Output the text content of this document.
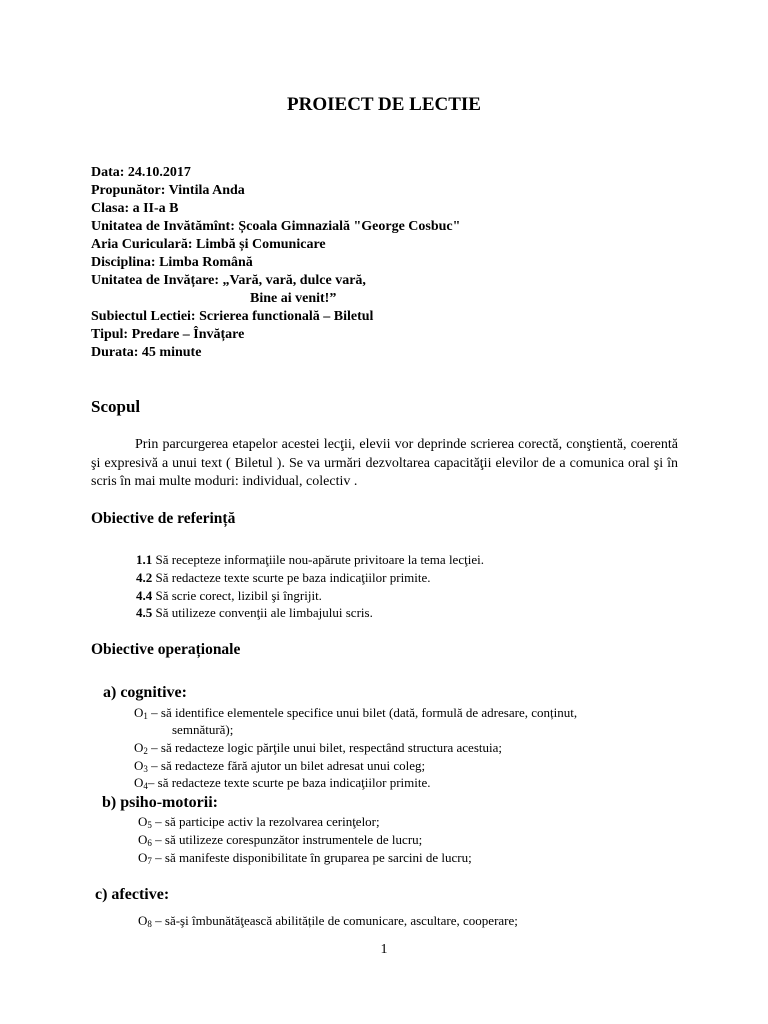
PROIECT DE LECTIE
Data: 24.10.2017
Propunător: Vintila Anda
Clasa: a II-a B
Unitatea de Invătămînt: Școala Gimnazială "George Cosbuc"
Aria Curiculară: Limbă și Comunicare
Disciplina: Limba Română
Unitatea de Invățare: „Vară, vară, dulce vară,
Bine ai venit!”
Subiectul Lectiei: Scrierea functională – Biletul
Tipul: Predare – Învățare
Durata: 45 minute
Scopul
Prin parcurgerea etapelor acestei lecţii, elevii vor deprinde scrierea corectă, conştientă, coerentă şi expresivă a unui text ( Biletul ). Se va urmări dezvoltarea capacităţii elevilor de a comunica oral şi în scris în mai multe moduri: individual, colectiv .
Obiective de referință
1.1 Să recepteze informaţiile nou-apărute privitoare la tema lecţiei.
4.2 Să redacteze texte scurte pe baza indicaţiilor primite.
4.4 Să scrie corect, lizibil şi îngrijit.
4.5 Să utilizeze convenţii ale limbajului scris.
Obiective operaționale
a) cognitive:
$O_1$ – să identifice elementele specifice unui bilet (dată, formulă de adresare, conținut,
semnătură);
$O_2$ – să redacteze logic părţile unui bilet, respectând structura acestuia;
$O_3$ – să redacteze fără ajutor un bilet adresat unui coleg;
$O_4-$ să redacteze texte scurte pe baza indicaţiilor primite.
b) psiho-motorii:
$O_5$ – să participe activ la rezolvarea cerinţelor;
$O_6$ – să utilizeze corespunzător instrumentele de lucru;
$O_7$ – să manifeste disponibilitate în gruparea pe sarcini de lucru;
c) afective:
$O_8$ – să-şi îmbunătăţească abilitățile de comunicare, ascultare, cooperare;
1
